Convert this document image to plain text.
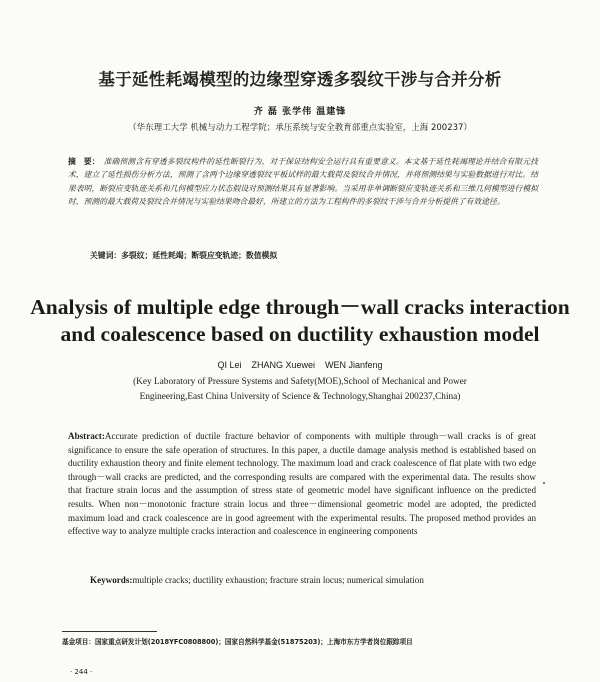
基于延性耗竭模型的边缘型穿透多裂纹干涉与合并分析
齐 磊 张学伟 温建锋
（华东理工大学 机械与动力工程学院；承压系统与安全教育部重点实验室，上海 200237）
摘　要： 准确预测含有穿透多裂纹构件的延性断裂行为，对于保证结构安全运行具有重要意义。本文基于延性耗竭理论并结合有限元技术，建立了延性损伤分析方法，预测了含两个边缘穿透裂纹平板试样的最大载荷及裂纹合并情况，并将预测结果与实验数据进行对比。结果表明，断裂应变轨迹关系和几何模型应力状态假设对预测结果具有显著影响。当采用非单调断裂应变轨迹关系和三维几何模型进行模拟时，预测的最大载荷及裂纹合并情况与实验结果吻合最好，所建立的方法为工程构件的多裂纹干涉与合并分析提供了有效途径。
关键词：多裂纹；延性耗竭；断裂应变轨迹；数值模拟
Analysis of multiple edge through－wall cracks interaction
and coalescence based on ductility exhaustion model
QI Lei    ZHANG Xuewei    WEN Jianfeng
(Key Laboratory of Pressure Systems and Safety(MOE),School of Mechanical and Power
Engineering,East China University of Science & Technology,Shanghai 200237,China)
Abstract:Accurate prediction of ductile fracture behavior of components with multiple through－wall cracks is of great significance to ensure the safe operation of structures. In this paper, a ductile damage analysis method is established based on ductility exhaustion theory and finite element technology. The maximum load and crack coalescence of flat plate with two edge through－wall cracks are predicted, and the corresponding results are compared with the experimental data. The results show that fracture strain locus and the assumption of stress state of geometric model have significant influence on the predicted results. When non－monotonic fracture strain locus and three－dimensional geometric model are adopted, the predicted maximum load and crack coalescence are in good agreement with the experimental results. The proposed method provides an effective way to analyze multiple cracks interaction and coalescence in engineering components
Keywords:multiple cracks; ductility exhaustion; fracture strain locus; numerical simulation
基金项目：国家重点研发计划(2018YFC0808800)；国家自然科学基金(51875203)；上海市东方学者岗位跟踪项目
· 244 ·
